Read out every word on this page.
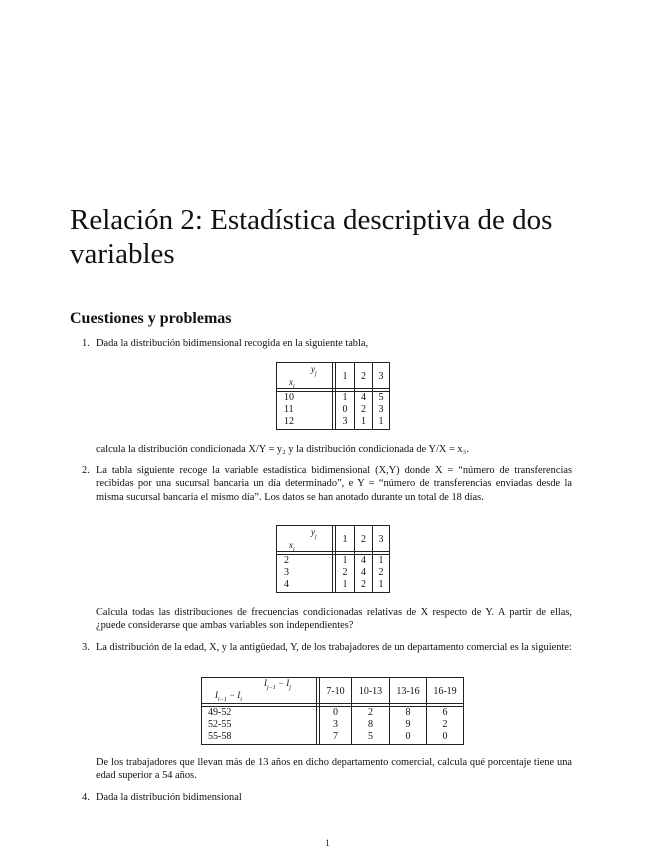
Relación 2: Estadística descriptiva de dos variables
Cuestiones y problemas
1. Dada la distribución bidimensional recogida en la siguiente tabla,
$y_j$
$x_i$
1	2	3
10	1	4	5
11	0	2	3
12	3	1	1
calcula la distribución condicionada X/Y = y₂ y la distribución condicionada de Y/X = x₃.
2. La tabla siguiente recoge la variable estadística bidimensional (X,Y) donde X = “número de transferencias recibidas por una sucursal bancaria un día determinado”, e Y = “número de transferencias enviadas desde la misma sucursal bancaria el mismo día”. Los datos se han anotado durante un total de 18 días.
$y_j$
$x_i$
1	2	3
2	1	4	1
3	2	4	2
4	1	2	1
Calcula todas las distribuciones de frecuencias condicionadas relativas de X respecto de Y. A partir de ellas, ¿puede considerarse que ambas variables son independientes?
3. La distribución de la edad, X, y la antigüedad, Y, de los trabajadores de un departamento comercial es la siguiente:
$I_{j-1} - I_j$
$I_{i-1} - I_i$
7-10	10-13	13-16	16-19
49-52	0	2	8	6
52-55	3	8	9	2
55-58	7	5	0	0
De los trabajadores que llevan más de 13 años en dicho departamento comercial, calcula qué porcentaje tiene una edad superior a 54 años.
4. Dada la distribución bidimensional
1
